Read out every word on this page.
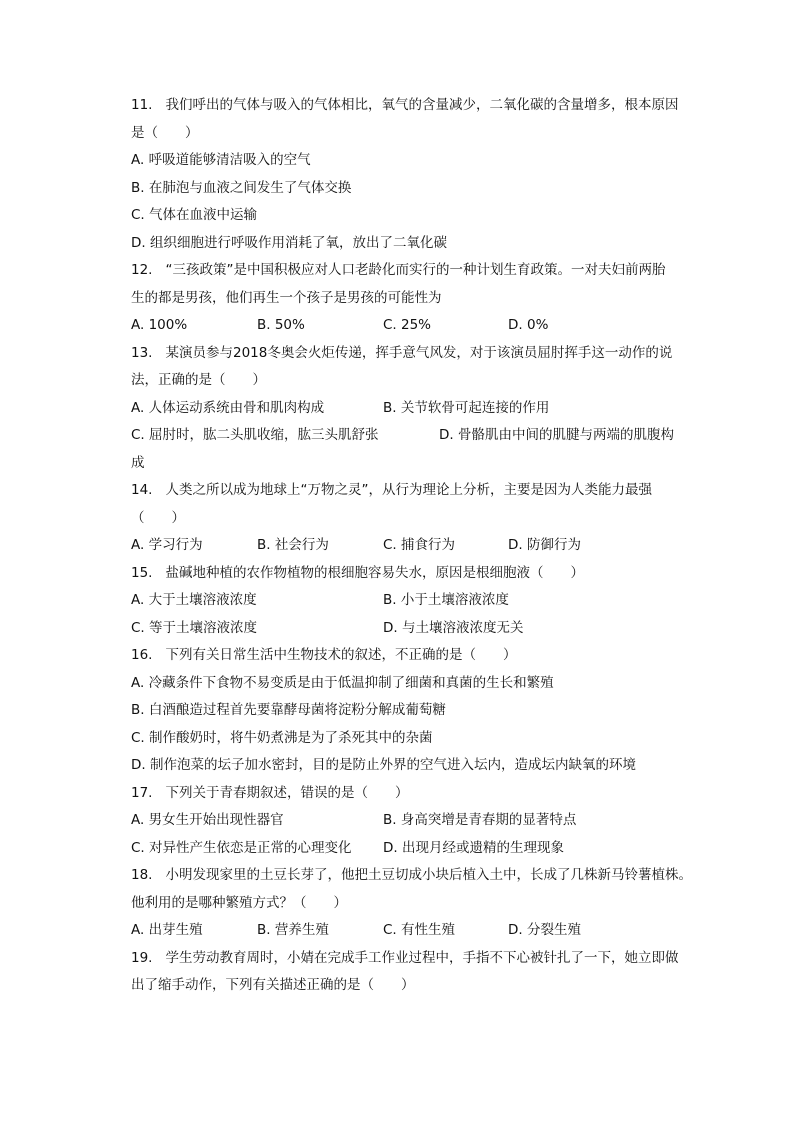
11. 我们呼出的气体与吸入的气体相比，氧气的含量减少，二氧化碳的含量增多，根本原因
是（　　）
A. 呼吸道能够清洁吸入的空气
B. 在肺泡与血液之间发生了气体交换
C. 气体在血液中运输
D. 组织细胞进行呼吸作用消耗了氧，放出了二氧化碳
12. “三孩政策”是中国积极应对人口老龄化而实行的一种计划生育政策。一对夫妇前两胎
生的都是男孩，他们再生一个孩子是男孩的可能性为
A. 100%	B. 50%	C. 25%	D. 0%
13. 某演员参与2018冬奥会火炬传递，挥手意气风发，对于该演员屈肘挥手这一动作的说
法，正确的是（　　）
A. 人体运动系统由骨和肌肉构成	B. 关节软骨可起连接的作用
C. 屈肘时，肱二头肌收缩，肱三头肌舒张	D. 骨骼肌由中间的肌腱与两端的肌腹构
成
14. 人类之所以成为地球上“万物之灵”，从行为理论上分析，主要是因为人类能力最强
（　　）
A. 学习行为	B. 社会行为	C. 捕食行为	D. 防御行为
15. 盐碱地种植的农作物植物的根细胞容易失水，原因是根细胞液（　　）
A. 大于土壤溶液浓度	B. 小于土壤溶液浓度
C. 等于土壤溶液浓度	D. 与土壤溶液浓度无关
16. 下列有关日常生活中生物技术的叙述，不正确的是（　　）
A. 冷藏条件下食物不易变质是由于低温抑制了细菌和真菌的生长和繁殖
B. 白酒酿造过程首先要靠酵母菌将淀粉分解成葡萄糖
C. 制作酸奶时，将牛奶煮沸是为了杀死其中的杂菌
D. 制作泡菜的坛子加水密封，目的是防止外界的空气进入坛内，造成坛内缺氧的环境
17. 下列关于青春期叙述，错误的是（　　）
A. 男女生开始出现性器官	B. 身高突增是青春期的显著特点
C. 对异性产生依恋是正常的心理变化 D. 出现月经或遗精的生理现象
18. 小明发现家里的土豆长芽了，他把土豆切成小块后植入土中，长成了几株新马铃薯植株。
他利用的是哪种繁殖方式？（　　）
A. 出芽生殖	B. 营养生殖	C. 有性生殖	D. 分裂生殖
19. 学生劳动教育周时，小婧在完成手工作业过程中，手指不下心被针扎了一下，她立即做
出了缩手动作，下列有关描述正确的是（　　）
